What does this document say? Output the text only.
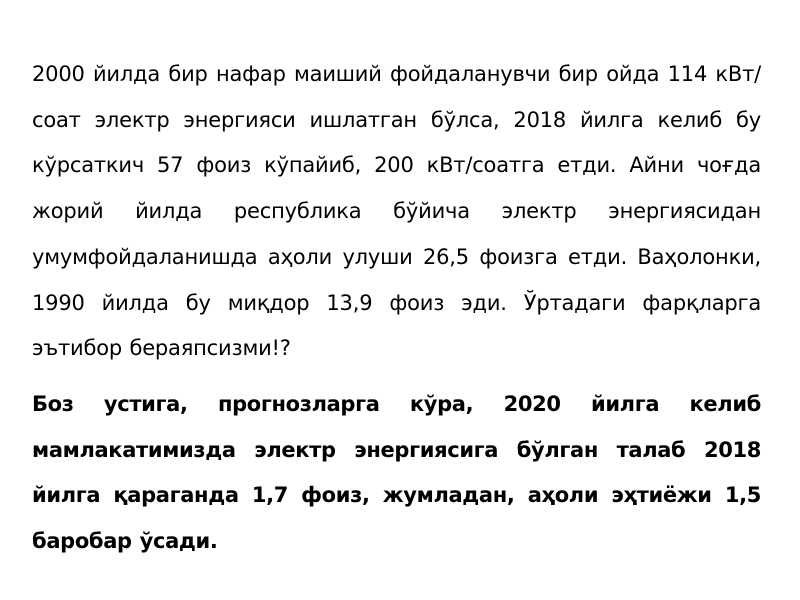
2000 йилда бир нафар маиший фойдаланувчи бир ойда 114 кВт/соат электр энергияси ишлатган бўлса, 2018 йилга келиб бу кўрсаткич 57 фоиз кўпайиб, 200 кВт/соатга етди. Айни чоғда жорий йилда республика бўйича электр энергиясидан умумфойдаланишда аҳоли улуши 26,5 фоизга етди. Ваҳолонки, 1990 йилда бу миқдор 13,9 фоиз эди. Ўртадаги фарқларга эътибор бераяпсизми!?

Боз устига, прогнозларга кўра, 2020 йилга келиб мамлакатимизда электр энергиясига бўлган талаб 2018 йилга қараганда 1,7 фоиз, жумладан, аҳоли эҳтиёжи 1,5 баробар ўсади.
